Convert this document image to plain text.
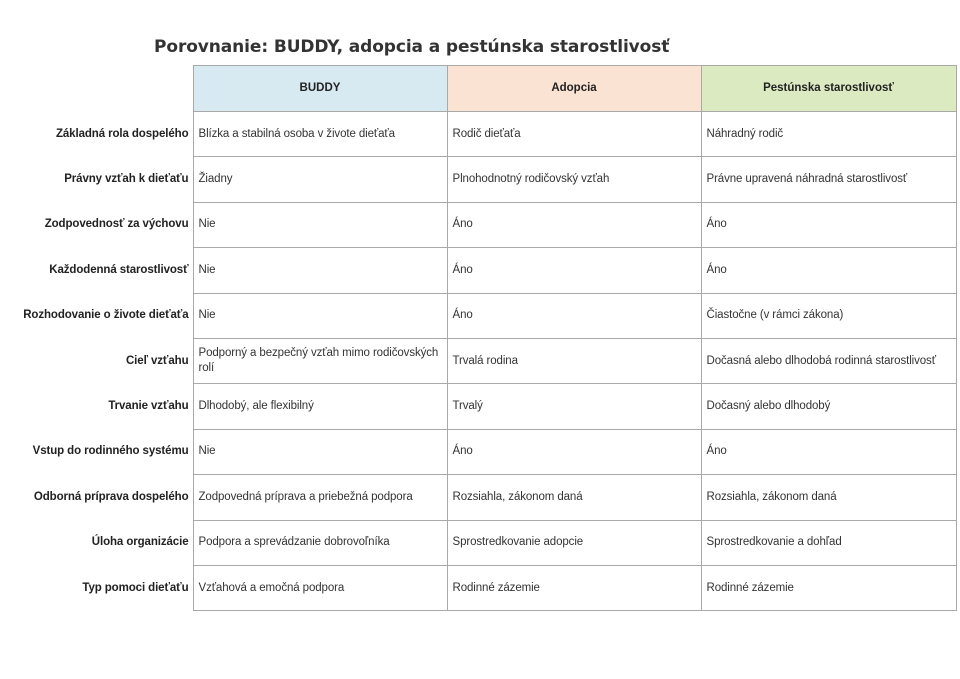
Porovnanie: BUDDY, adopcia a pestúnska starostlivosť
	BUDDY	Adopcia	Pestúnska starostlivosť
Základná rola dospelého	Blízka a stabilná osoba v živote dieťaťa	Rodič dieťaťa	Náhradný rodič
Právny vzťah k dieťaťu	Žiadny	Plnohodnotný rodičovský vzťah	Právne upravená náhradná starostlivosť
Zodpovednosť za výchovu	Nie	Áno	Áno
Každodenná starostlivosť	Nie	Áno	Áno
Rozhodovanie o živote dieťaťa	Nie	Áno	Čiastočne (v rámci zákona)
Cieľ vzťahu	Podporný a bezpečný vzťah mimo rodičovských rolí	Trvalá rodina	Dočasná alebo dlhodobá rodinná starostlivosť
Trvanie vzťahu	Dlhodobý, ale flexibilný	Trvalý	Dočasný alebo dlhodobý
Vstup do rodinného systému	Nie	Áno	Áno
Odborná príprava dospelého	Zodpovedná príprava a priebežná podpora	Rozsiahla, zákonom daná	Rozsiahla, zákonom daná
Úloha organizácie	Podpora a sprevádzanie dobrovoľníka	Sprostredkovanie adopcie	Sprostredkovanie a dohľad
Typ pomoci dieťaťu	Vzťahová a emočná podpora	Rodinné zázemie	Rodinné zázemie
